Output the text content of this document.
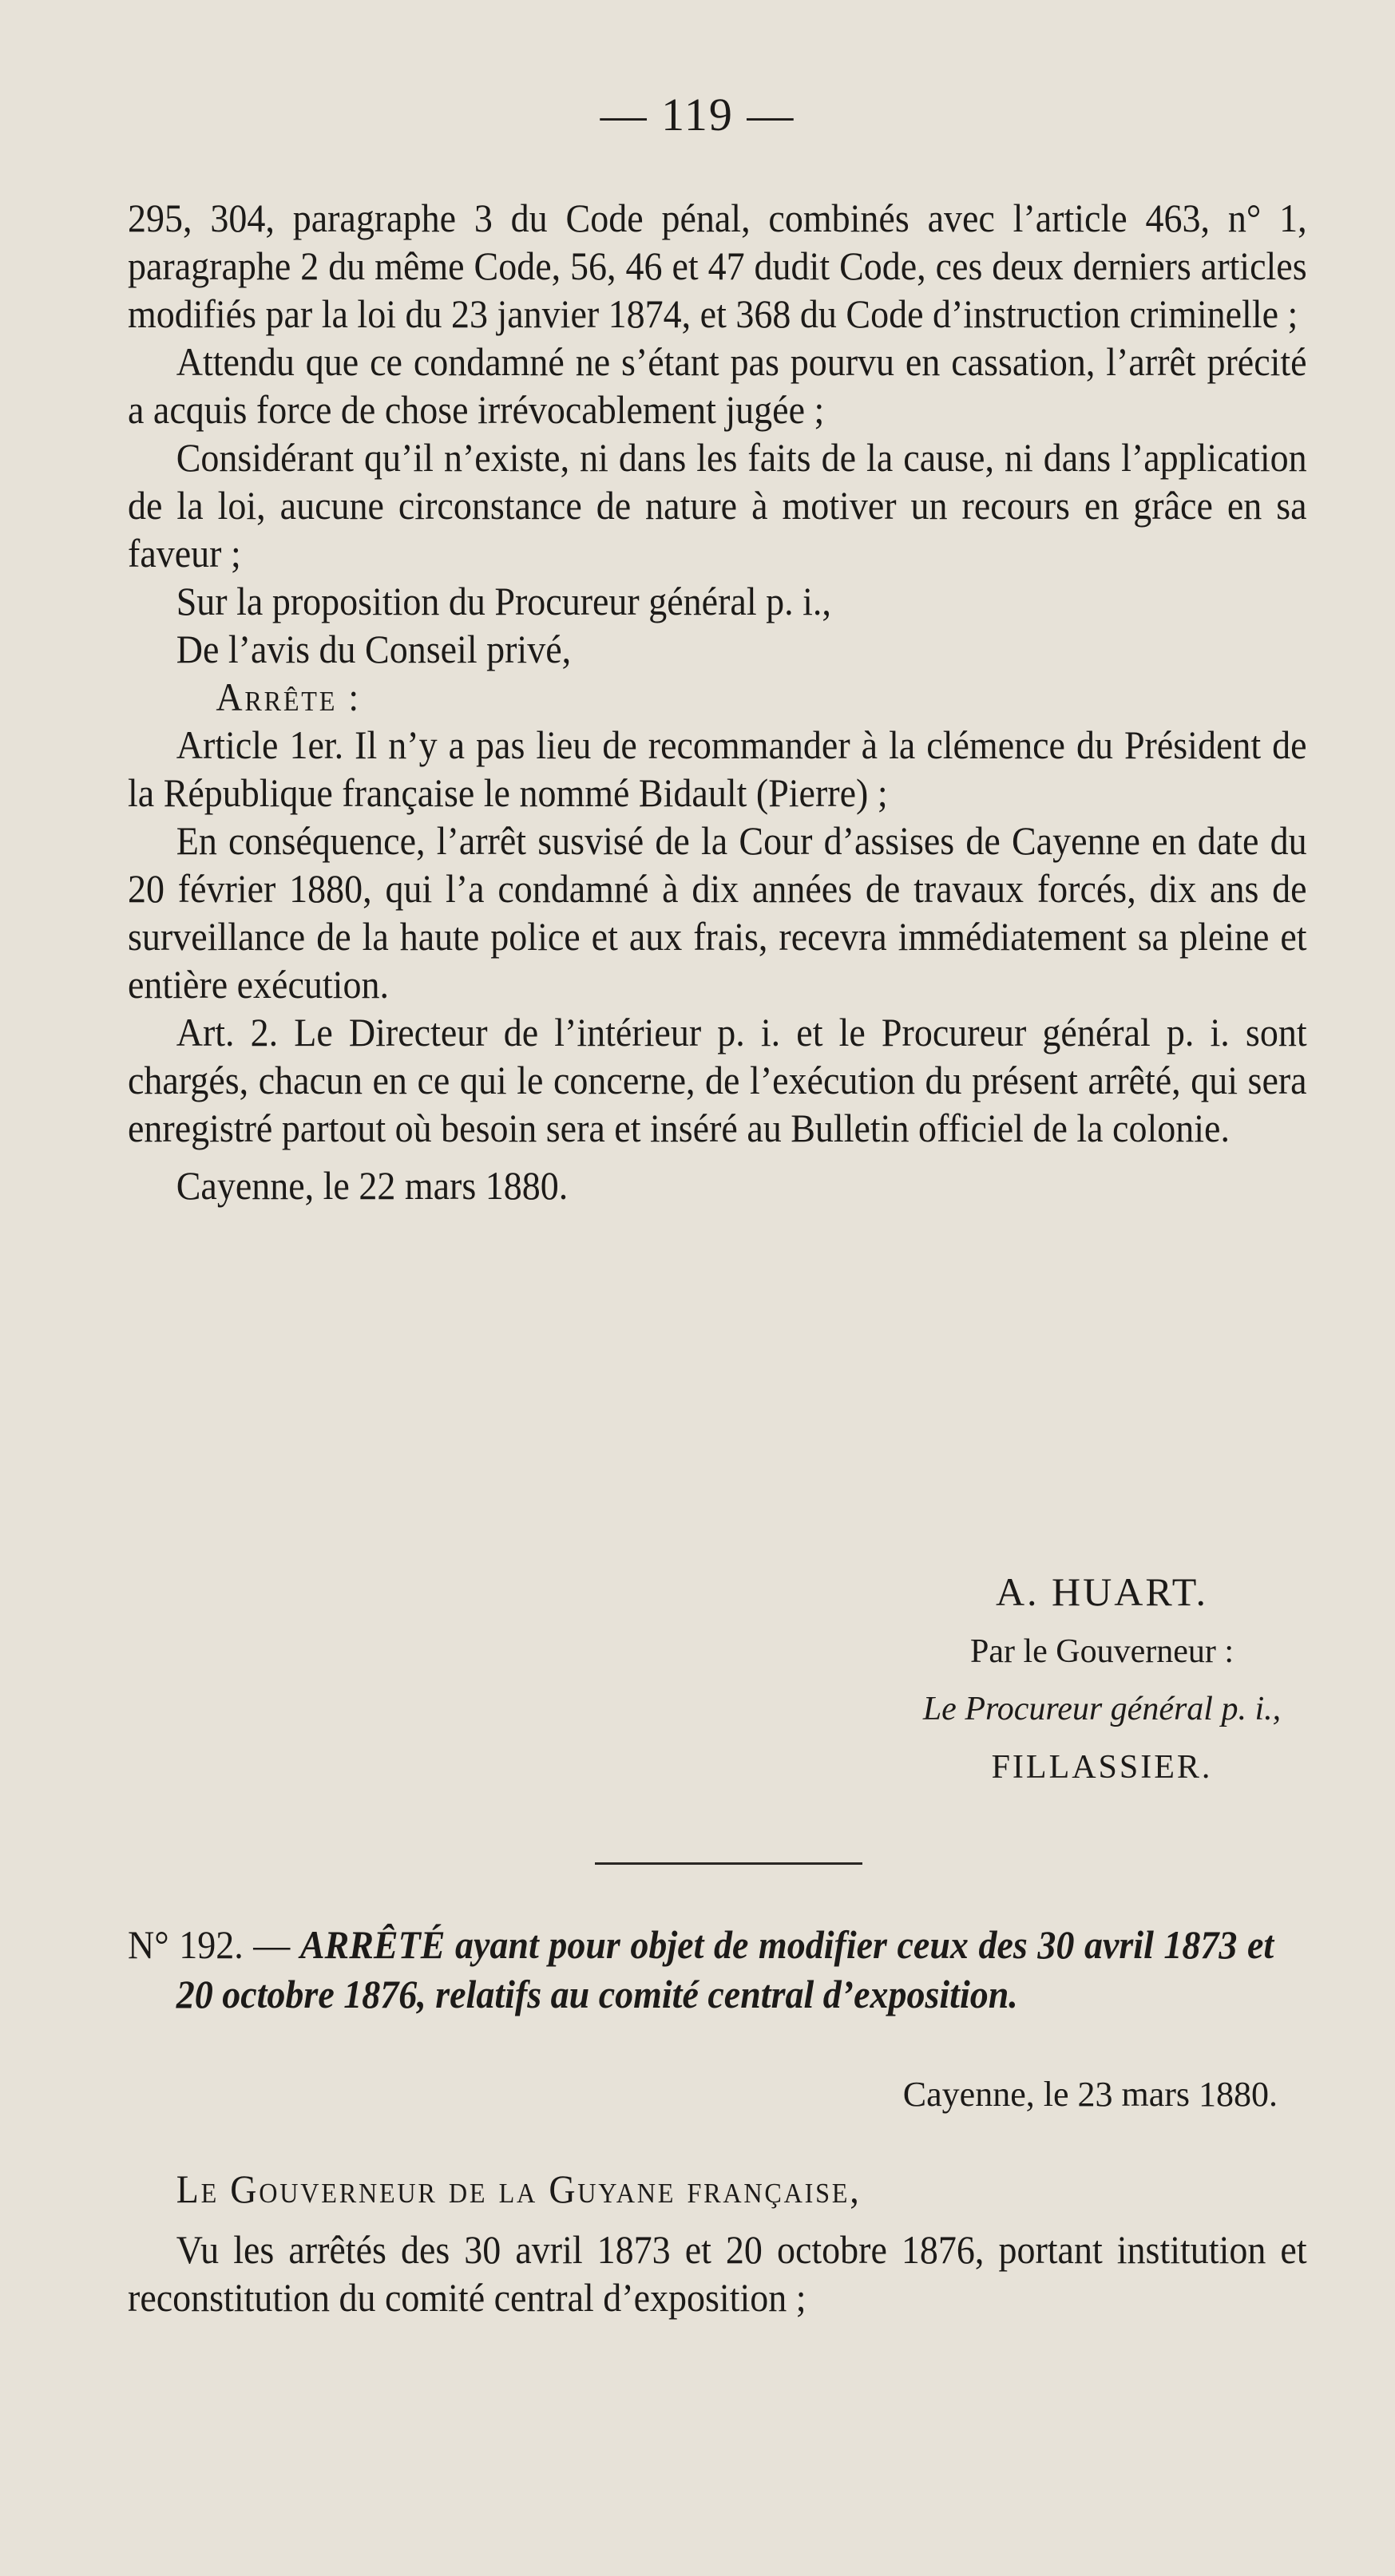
— 119 —

295, 304, paragraphe 3 du Code pénal, combinés avec l’article 463, n° 1, paragraphe 2 du même Code, 56, 46 et 47 dudit Code, ces deux derniers articles modifiés par la loi du 23 janvier 1874, et 368 du Code d’instruction criminelle ;

Attendu que ce condamné ne s’étant pas pourvu en cassation, l’arrêt précité a acquis force de chose irrévocablement jugée ;

Considérant qu’il n’existe, ni dans les faits de la cause, ni dans l’application de la loi, aucune circonstance de nature à motiver un recours en grâce en sa faveur ;

Sur la proposition du Procureur général p. i.,

De l’avis du Conseil privé,

Arrête :

Article 1er. Il n’y a pas lieu de recommander à la clémence du Président de la République française le nommé Bidault (Pierre) ;

En conséquence, l’arrêt susvisé de la Cour d’assises de Cayenne en date du 20 février 1880, qui l’a condamné à dix années de travaux forcés, dix ans de surveillance de la haute police et aux frais, recevra immédiatement sa pleine et entière exécution.

Art. 2. Le Directeur de l’intérieur p. i. et le Procureur général p. i. sont chargés, chacun en ce qui le concerne, de l’exécution du présent arrêté, qui sera enregistré partout où besoin sera et inséré au Bulletin officiel de la colonie.

Cayenne, le 22 mars 1880.

A. HUART.
Par le Gouverneur :
Le Procureur général p. i.,
FILLASSIER.

N° 192. — ARRÊTÉ ayant pour objet de modifier ceux des 30 avril 1873 et 20 octobre 1876, relatifs au comité central d’exposition.

Cayenne, le 23 mars 1880.

Le Gouverneur de la Guyane française,

Vu les arrêtés des 30 avril 1873 et 20 octobre 1876, portant institution et reconstitution du comité central d’exposition ;
